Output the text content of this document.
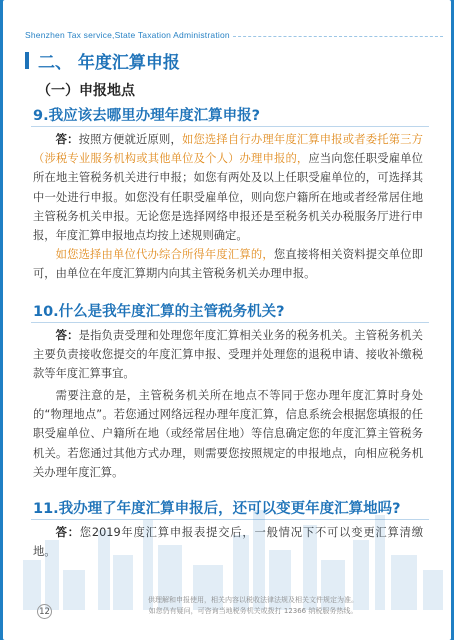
Shenzhen Tax service,State Taxation Administration
二、 年度汇算申报
（一）申报地点
9.我应该去哪里办理年度汇算申报?
答：按照方便就近原则，如您选择自行办理年度汇算申报或者委托第三方（涉税专业服务机构或其他单位及个人）办理申报的，应当向您任职受雇单位所在地主管税务机关进行申报；如您有两处及以上任职受雇单位的，可选择其中一处进行申报。如您没有任职受雇单位，则向您户籍所在地或者经常居住地主管税务机关申报。无论您是选择网络申报还是至税务机关办税服务厅进行申报，年度汇算申报地点均按上述规则确定。
如您选择由单位代办综合所得年度汇算的，您直接将相关资料提交单位即可，由单位在年度汇算期内向其主管税务机关办理申报。
10.什么是我年度汇算的主管税务机关?
答：是指负责受理和处理您年度汇算相关业务的税务机关。主管税务机关主要负责接收您提交的年度汇算申报、受理并处理您的退税申请、接收补缴税款等年度汇算事宜。
需要注意的是，主管税务机关所在地点不等同于您办理年度汇算时身处的“物理地点”。若您通过网络远程办理年度汇算，信息系统会根据您填报的任职受雇单位、户籍所在地（或经常居住地）等信息确定您的年度汇算主管税务机关。若您通过其他方式办理，则需要您按照规定的申报地点，向相应税务机关办理年度汇算。
11.我办理了年度汇算申报后，还可以变更年度汇算地吗?
答：您2019年度汇算申报表提交后，一般情况下不可以变更汇算清缴地。
12
供理解和申报使用，相关内容以税收法律法规及相关文件规定为准。
如您仍有疑问，可咨询当地税务机关或拨打 12366 纳税服务热线。
